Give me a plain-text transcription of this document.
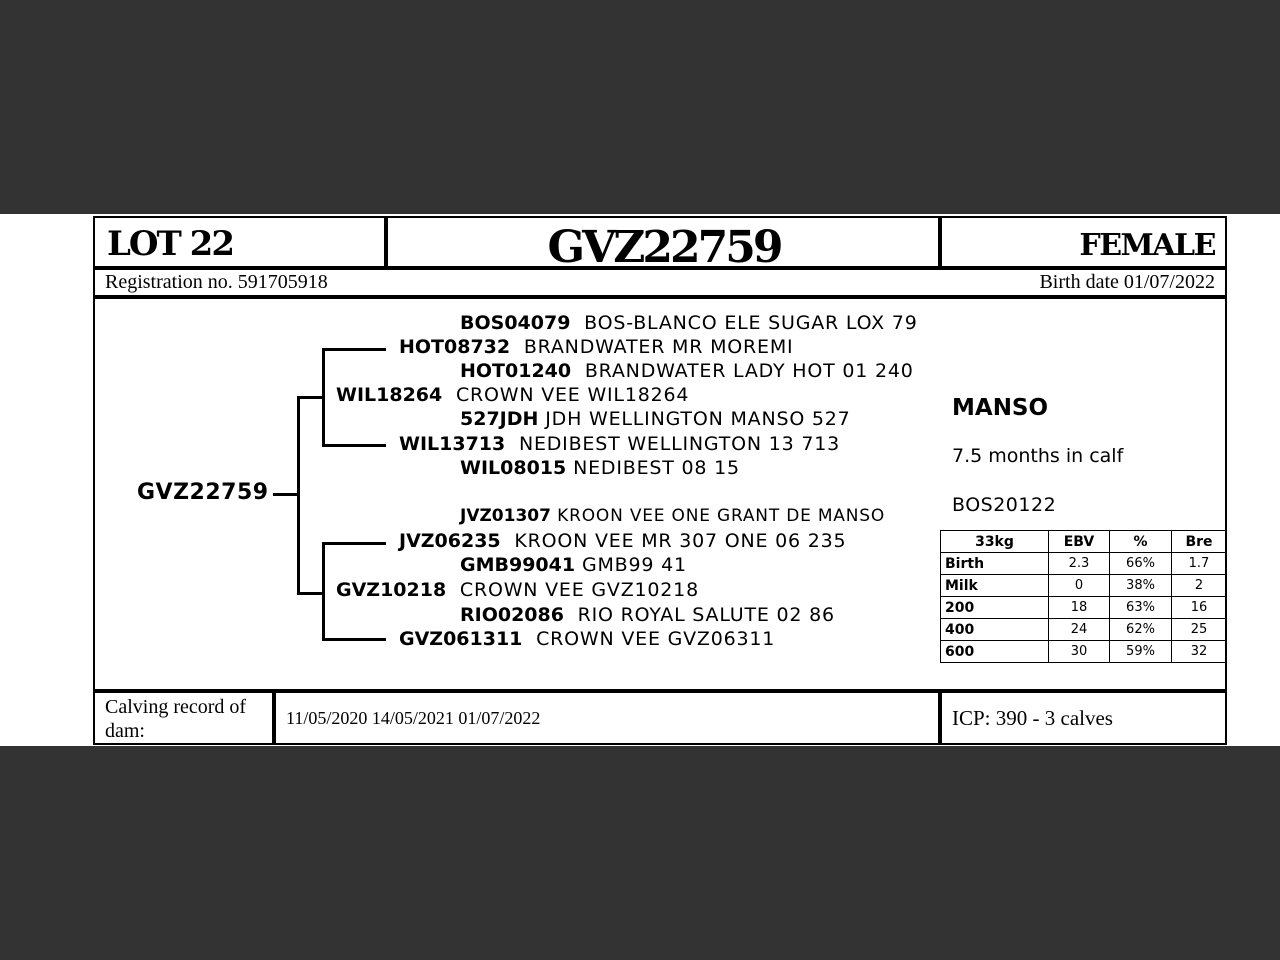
LOT 22	GVZ22759	FEMALE
Registration no. 591705918	Birth date 01/07/2022
GVZ22759
BOS04079 BOS-BLANCO ELE SUGAR LOX 79
HOT08732 BRANDWATER MR MOREMI
HOT01240 BRANDWATER LADY HOT 01 240
WIL18264 CROWN VEE WIL18264
527JDH JDH WELLINGTON MANSO 527
WIL13713 NEDIBEST WELLINGTON 13 713
WIL08015 NEDIBEST 08 15
JVZ01307 KROON VEE ONE GRANT DE MANSO
JVZ06235 KROON VEE MR 307 ONE 06 235
GMB99041 GMB99 41
GVZ10218 CROWN VEE GVZ10218
RIO02086 RIO ROYAL SALUTE 02 86
GVZ061311 CROWN VEE GVZ06311
MANSO
7.5 months in calf
BOS20122
33kg	EBV	%	Bre
Birth	2.3	66%	1.7
Milk	0	38%	2
200	18	63%	16
400	24	62%	25
600	30	59%	32
Calving record of dam:
11/05/2020 14/05/2021 01/07/2022	ICP: 390 - 3 calves
